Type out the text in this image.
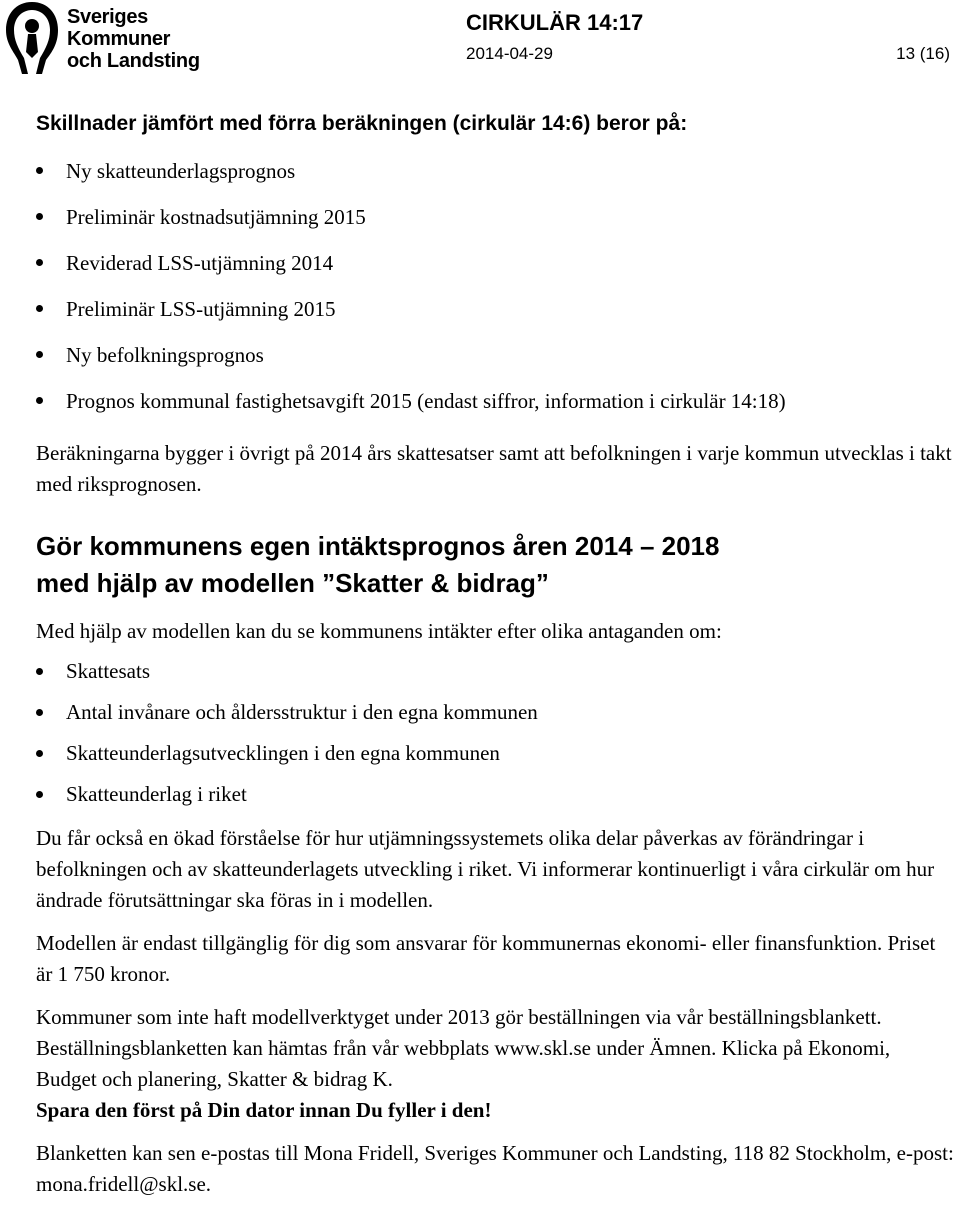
Sveriges
Kommuner
och Landsting
CIRKULÄR 14:17
2014-04-29	13 (16)
Skillnader jämfört med förra beräkningen (cirkulär 14:6) beror på:
Ny skatteunderlagsprognos
Preliminär kostnadsutjämning 2015
Reviderad LSS-utjämning 2014
Preliminär LSS-utjämning 2015
Ny befolkningsprognos
Prognos kommunal fastighetsavgift 2015 (endast siffror, information i cirkulär 14:18)

Beräkningarna bygger i övrigt på 2014 års skattesatser samt att befolkningen i varje kommun utvecklas i takt med riksprognosen.

Gör kommunens egen intäktsprognos åren 2014 – 2018
med hjälp av modellen ”Skatter & bidrag”

Med hjälp av modellen kan du se kommunens intäkter efter olika antaganden om:

Skattesats
Antal invånare och åldersstruktur i den egna kommunen
Skatteunderlagsutvecklingen i den egna kommunen
Skatteunderlag i riket

Du får också en ökad förståelse för hur utjämningssystemets olika delar påverkas av förändringar i befolkningen och av skatteunderlagets utveckling i riket. Vi informerar kontinuerligt i våra cirkulär om hur ändrade förutsättningar ska föras in i modellen.

Modellen är endast tillgänglig för dig som ansvarar för kommunernas ekonomi- eller finansfunktion. Priset är 1 750 kronor.

Kommuner som inte haft modellverktyget under 2013 gör beställningen via vår beställningsblankett. Beställningsblanketten kan hämtas från vår webbplats www.skl.se under Ämnen. Klicka på Ekonomi, Budget och planering, Skatter & bidrag K.

Spara den först på Din dator innan Du fyller i den!

Blanketten kan sen e-postas till Mona Fridell, Sveriges Kommuner och Landsting, 118 82 Stockholm, e-post: mona.fridell@skl.se.
